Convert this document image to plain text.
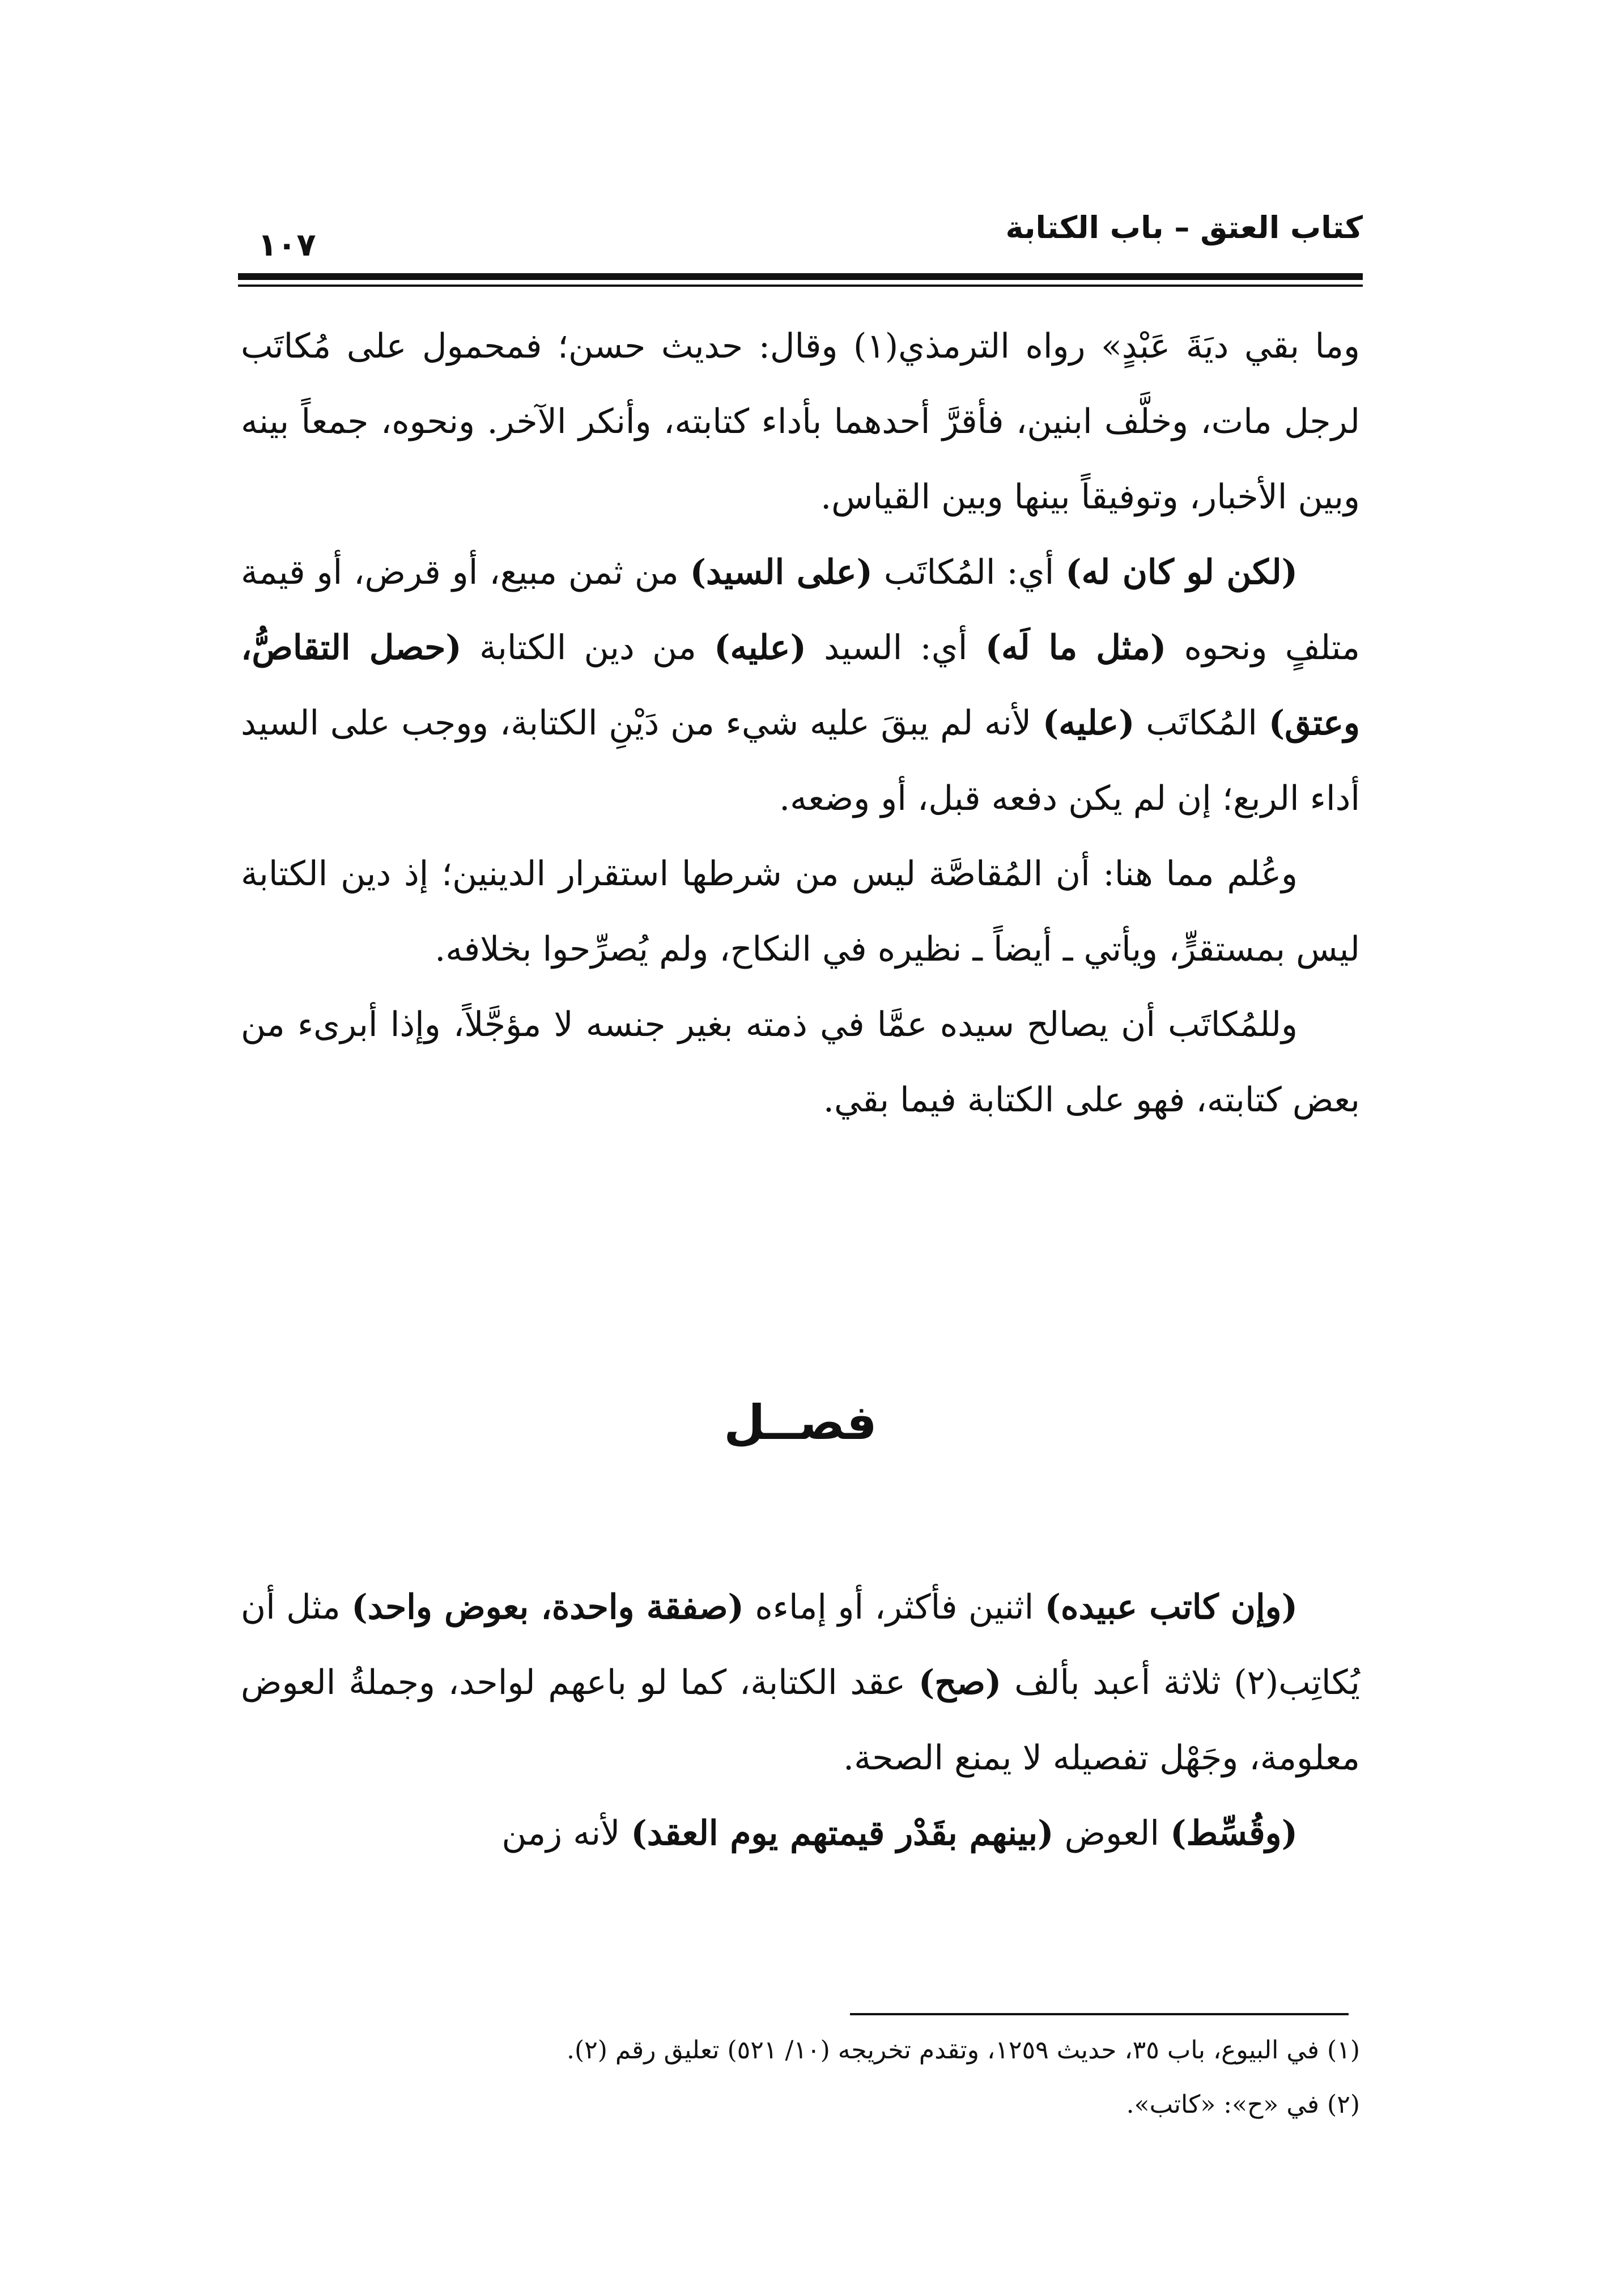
كتاب العتق – باب الكتابة
١٠٧

وما بقي ديَةَ عَبْدٍ» رواه الترمذي(١) وقال: حديث حسن؛ فمحمول على مُكاتَب لرجل مات، وخلَّف ابنين، فأقرَّ أحدهما بأداء كتابته، وأنكر الآخر. ونحوه، جمعاً بينه وبين الأخبار، وتوفيقاً بينها وبين القياس.

(لكن لو كان له) أي: المُكاتَب (على السيد) من ثمن مبيع، أو قرض، أو قيمة متلفٍ ونحوه (مثل ما لَه) أي: السيد (عليه) من دين الكتابة (حصل التقاصُّ، وعتق) المُكاتَب (عليه) لأنه لم يبقَ عليه شيء من دَيْنِ الكتابة، ووجب على السيد أداء الربع؛ إن لم يكن دفعه قبل، أو وضعه.

وعُلم مما هنا: أن المُقاصَّة ليس من شرطها استقرار الدينين؛ إذ دين الكتابة ليس بمستقرٍّ، ويأتي ـ أيضاً ـ نظيره في النكاح، ولم يُصرِّحوا بخلافه.

وللمُكاتَب أن يصالح سيده عمَّا في ذمته بغير جنسه لا مؤجَّلاً، وإذا أبرىء من بعض كتابته، فهو على الكتابة فيما بقي.

فصــل

(وإن كاتب عبيده) اثنين فأكثر، أو إماءه (صفقة واحدة، بعوض واحد) مثل أن يُكاتِب(٢) ثلاثة أعبد بألف (صح) عقد الكتابة، كما لو باعهم لواحد، وجملةُ العوض معلومة، وجَهْل تفصيله لا يمنع الصحة.

(وقُسِّط) العوض (بينهم بقَدْر قيمتهم يوم العقد) لأنه زمن

(١) في البيوع، باب ٣٥، حديث ١٢٥٩، وتقدم تخريجه (١٠/ ٥٢١) تعليق رقم (٢).

(٢) في «ح»: «كاتب».
